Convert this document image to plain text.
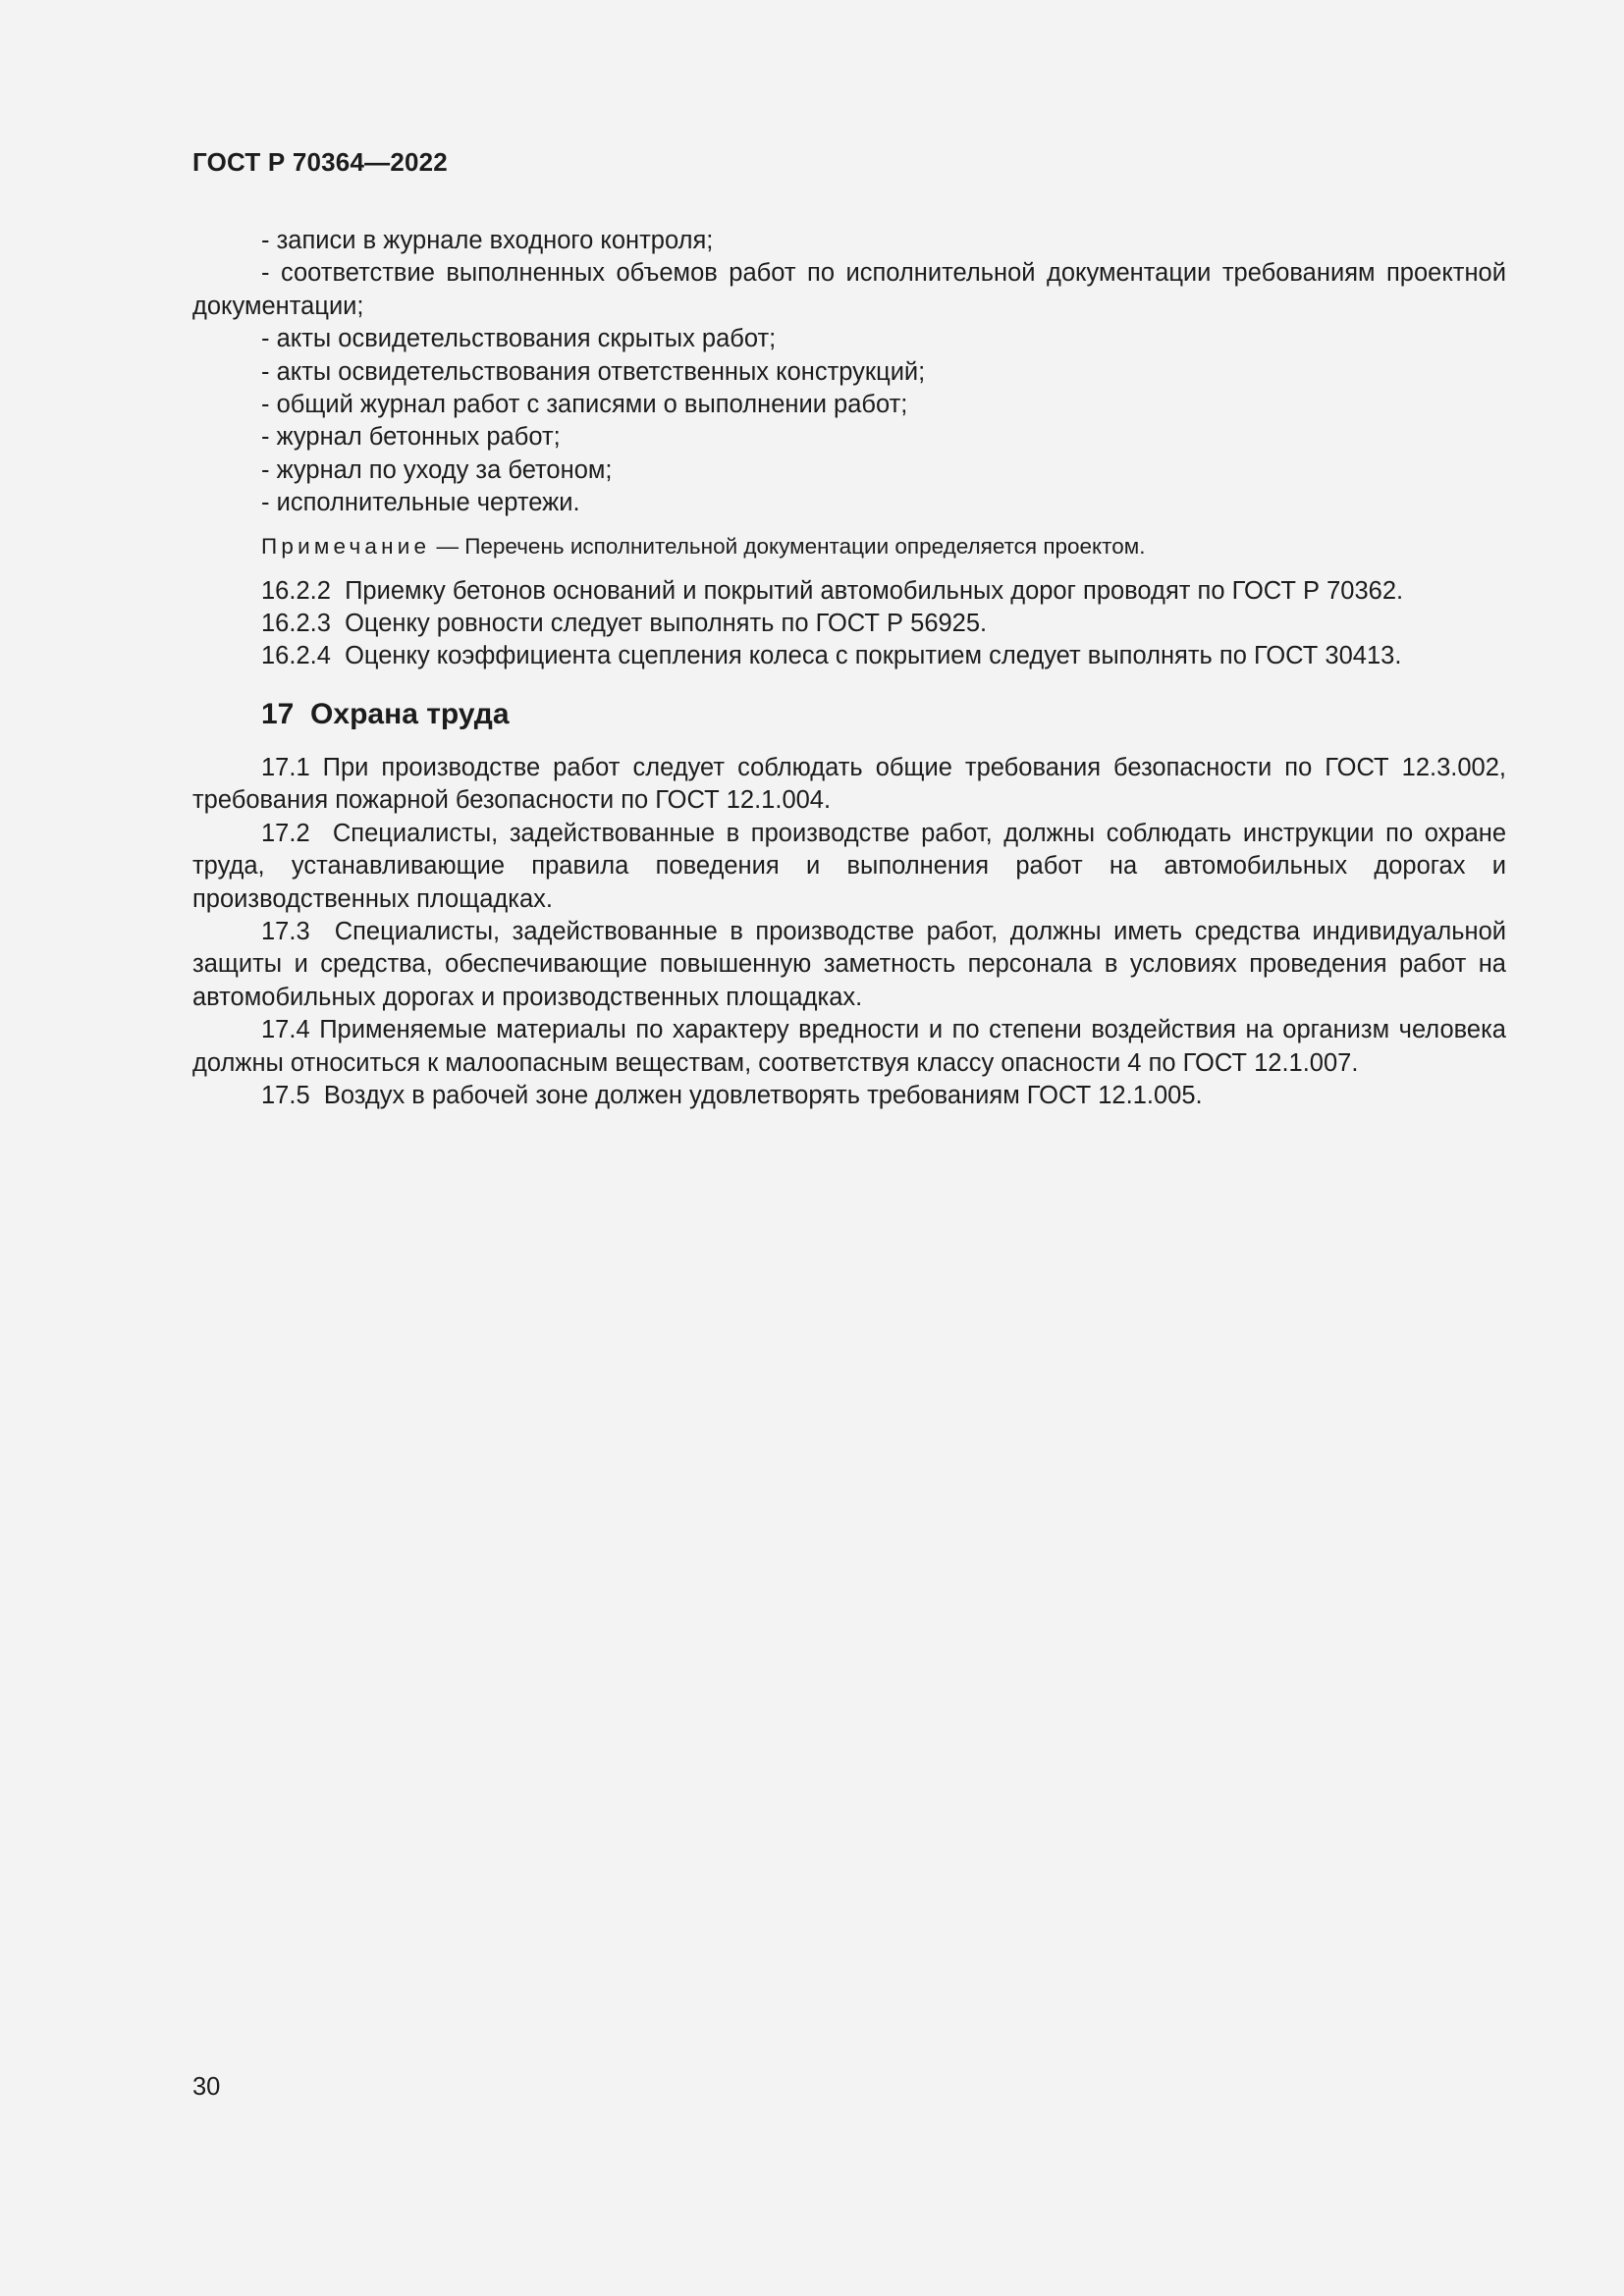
ГОСТ Р 70364—2022

- записи в журнале входного контроля;

- соответствие выполненных объемов работ по исполнительной документации требованиям проектной документации;

- акты освидетельствования скрытых работ;

- акты освидетельствования ответственных конструкций;

- общий журнал работ с записями о выполнении работ;

- журнал бетонных работ;

- журнал по уходу за бетоном;

- исполнительные чертежи.

Примечание — Перечень исполнительной документации определяется проектом.

16.2.2 Приемку бетонов оснований и покрытий автомобильных дорог проводят по ГОСТ Р 70362.

16.2.3 Оценку ровности следует выполнять по ГОСТ Р 56925.

16.2.4 Оценку коэффициента сцепления колеса с покрытием следует выполнять по ГОСТ 30413.

17 Охрана труда

17.1 При производстве работ следует соблюдать общие требования безопасности по ГОСТ 12.3.002, требования пожарной безопасности по ГОСТ 12.1.004.

17.2 Специалисты, задействованные в производстве работ, должны соблюдать инструкции по охране труда, устанавливающие правила поведения и выполнения работ на автомобильных дорогах и производственных площадках.

17.3 Специалисты, задействованные в производстве работ, должны иметь средства индивидуальной защиты и средства, обеспечивающие повышенную заметность персонала в условиях проведения работ на автомобильных дорогах и производственных площадках.

17.4 Применяемые материалы по характеру вредности и по степени воздействия на организм человека должны относиться к малоопасным веществам, соответствуя классу опасности 4 по ГОСТ 12.1.007.

17.5 Воздух в рабочей зоне должен удовлетворять требованиям ГОСТ 12.1.005.

30
